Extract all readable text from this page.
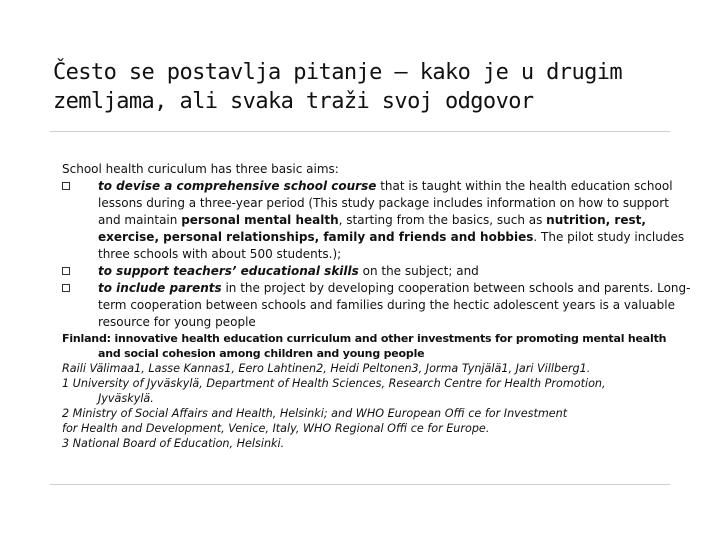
Često se postavlja pitanje – kako je u drugim
zemljama, ali svaka traži svoj odgovor

School health curiculum has three basic aims:

to devise a comprehensive school course that is taught within the health education school lessons during a three-year period (This study package includes information on how to support and maintain personal mental health, starting from the basics, such as nutrition, rest, exercise, personal relationships, family and friends and hobbies. The pilot study includes three schools with about 500 students.);
to support teachers’ educational skills on the subject; and
to include parents in the project by developing cooperation between schools and parents. Long-term cooperation between schools and families during the hectic adolescent years is a valuable resource for young people
Finland: innovative health education curriculum and other investments for promoting mental health
and social cohesion among children and young people
Raili Välimaa1, Lasse Kannas1, Eero Lahtinen2, Heidi Peltonen3, Jorma Tynjälä1, Jari Villberg1.
1 University of Jyväskylä, Department of Health Sciences, Research Centre for Health Promotion,
Jyväskylä.
2 Ministry of Social Affairs and Health, Helsinki; and WHO European Offi ce for Investment
for Health and Development, Venice, Italy, WHO Regional Offi ce for Europe.
3 National Board of Education, Helsinki.
